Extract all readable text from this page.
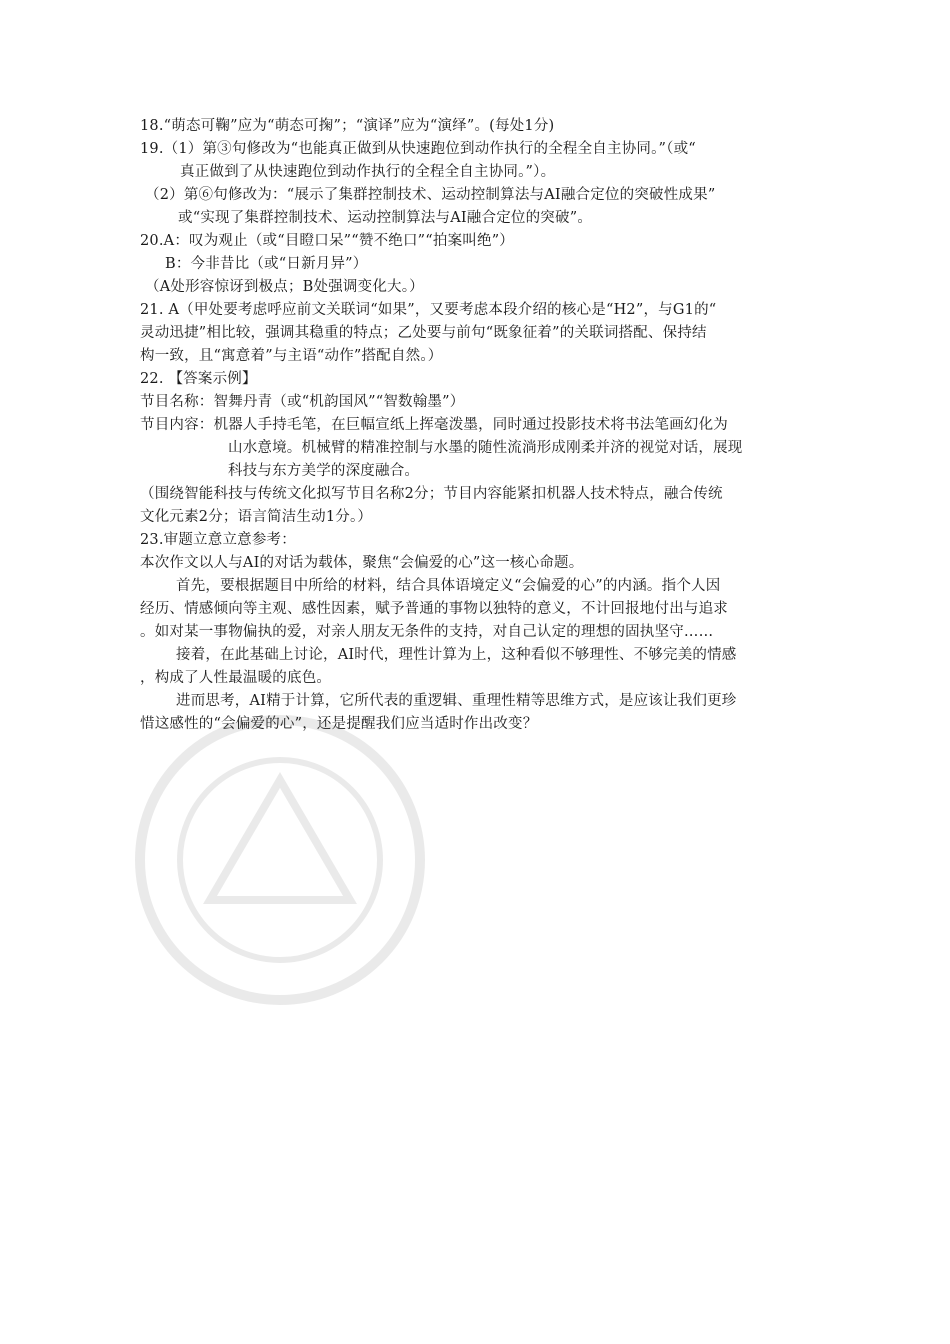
18.“萌态可鞠”应为“萌态可掬”；“演译”应为“演绎”。(每处1分)
19.（1）第③句修改为“也能真正做到从快速跑位到动作执行的全程全自主协同。”（或“
真正做到了从快速跑位到动作执行的全程全自主协同。”）。
（2）第⑥句修改为：“展示了集群控制技术、运动控制算法与AI融合定位的突破性成果”
或“实现了集群控制技术、运动控制算法与AI融合定位的突破”。
20.A：叹为观止（或“目瞪口呆”“赞不绝口”“拍案叫绝”）
B：今非昔比（或“日新月异”）
（A处形容惊讶到极点；B处强调变化大。）
21. A（甲处要考虑呼应前文关联词“如果”，又要考虑本段介绍的核心是“H2”，与G1的“
灵动迅捷”相比较，强调其稳重的特点；乙处要与前句“既象征着”的关联词搭配、保持结
构一致，且“寓意着”与主语“动作”搭配自然。）
22. 【答案示例】
节目名称：智舞丹青（或“机韵国风”“智数翰墨”）
节目内容：机器人手持毛笔，在巨幅宣纸上挥毫泼墨，同时通过投影技术将书法笔画幻化为
山水意境。机械臂的精准控制与水墨的随性流淌形成刚柔并济的视觉对话，展现
科技与东方美学的深度融合。
（围绕智能科技与传统文化拟写节目名称2分；节目内容能紧扣机器人技术特点，融合传统
文化元素2分；语言简洁生动1分。）
23.审题立意立意参考：
本次作文以人与AI的对话为载体，聚焦“会偏爱的心”这一核心命题。
首先，要根据题目中所给的材料，结合具体语境定义“会偏爱的心”的内涵。指个人因
经历、情感倾向等主观、感性因素，赋予普通的事物以独特的意义，不计回报地付出与追求
。如对某一事物偏执的爱，对亲人朋友无条件的支持，对自己认定的理想的固执坚守……
接着，在此基础上讨论，AI时代，理性计算为上，这种看似不够理性、不够完美的情感
，构成了人性最温暖的底色。
进而思考，AI精于计算，它所代表的重逻辑、重理性精等思维方式，是应该让我们更珍
惜这感性的“会偏爱的心”，还是提醒我们应当适时作出改变？
